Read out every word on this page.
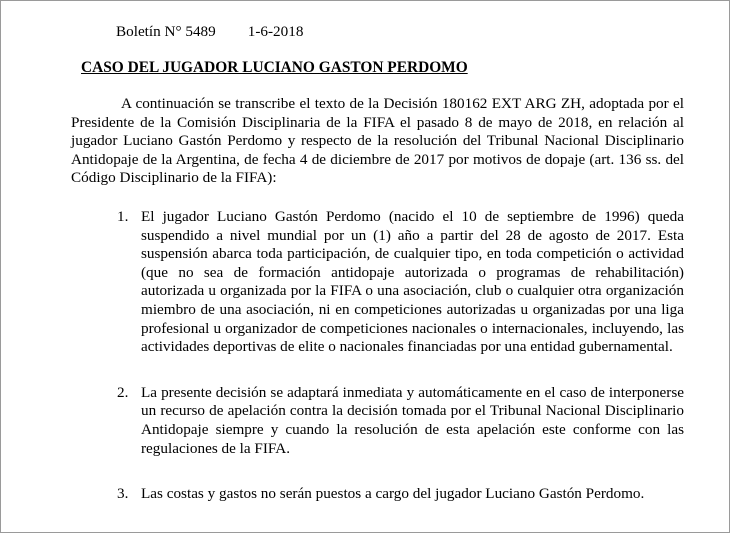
Boletín N° 5489 1-6-2018
CASO DEL JUGADOR LUCIANO GASTON PERDOMO

A continuación se transcribe el texto de la Decisión 180162 EXT ARG ZH, adoptada por el Presidente de la Comisión Disciplinaria de la FIFA el pasado 8 de mayo de 2018, en relación al jugador Luciano Gastón Perdomo y respecto de la resolución del Tribunal Nacional Disciplinario Antidopaje de la Argentina, de fecha 4 de diciembre de 2017 por motivos de dopaje (art. 136 ss. del Código Disciplinario de la FIFA):

1. El jugador Luciano Gastón Perdomo (nacido el 10 de septiembre de 1996) queda suspendido a nivel mundial por un (1) año a partir del 28 de agosto de 2017. Esta suspensión abarca toda participación, de cualquier tipo, en toda competición o actividad (que no sea de formación antidopaje autorizada o programas de rehabilitación) autorizada u organizada por la FIFA o una asociación, club o cualquier otra organización miembro de una asociación, ni en competiciones autorizadas u organizadas por una liga profesional u organizador de competiciones nacionales o internacionales, incluyendo, las actividades deportivas de elite o nacionales financiadas por una entidad gubernamental.
2. La presente decisión se adaptará inmediata y automáticamente en el caso de interponerse un recurso de apelación contra la decisión tomada por el Tribunal Nacional Disciplinario Antidopaje siempre y cuando la resolución de esta apelación este conforme con las regulaciones de la FIFA.
3. Las costas y gastos no serán puestos a cargo del jugador Luciano Gastón Perdomo.
